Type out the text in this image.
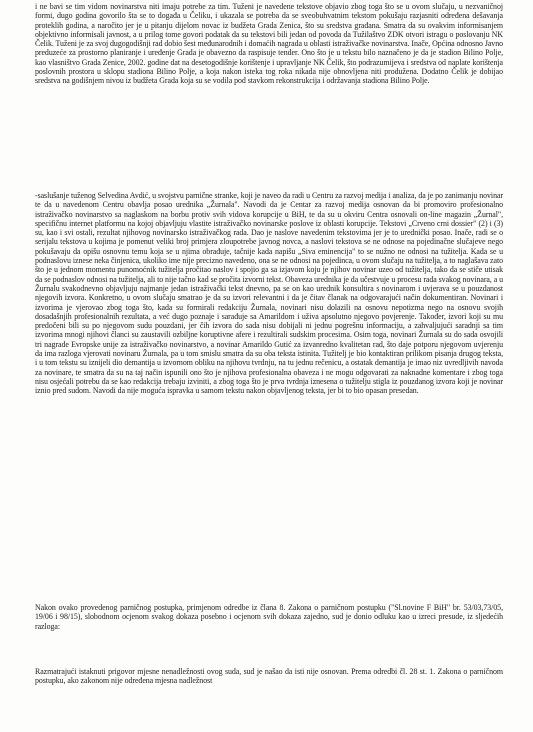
i ne bavi se tim vidom novinarstva niti imaju potrebe za tim. Tuženi je navedene tekstove objavio zbog toga što se u ovom slučaju, u nezvaničnoj formi, dugo godina govorilo šta se to događa u Čeliku, i ukazala se potreba da se sveobuhvatnim tekstom pokušaju razjasniti određena dešavanja proteklih godina, a naročito jer je u pitanju dijelom novac iz budžeta Grada Zenica, što su sredstva građana. Smatra da su ovakvim informisanjem objektivno informisali javnost, a u prilog tome govori podatak da su tekstovi bili jedan od povoda da Tužilaštvo ZDK otvori istragu o poslovanju NK Čelik. Tuženi je za svoj dugogodišnji rad dobio šest međunarodnih i domaćih nagrada u oblasti istraživačke novinarstva. Inače, Općina odnosno Javno preduzeće za prostorno planiranje i uređenje Grada je obavezno da raspisuje tender. Ono što je u tekstu bilo naznačeno je da je stadion Bilino Polje, kao vlasništvo Grada Zenice, 2002. godine dat na desetogodišnje korištenje i upravljanje NK Čelik, što podrazumijeva i sredstva od naplate korištenja poslovnih prostora u sklopu stadiona Bilino Polje, a koja nakon isteka tog roka nikada nije obnovljena niti produžena. Dodatno Čelik je dobijao sredstva na godišnjem nivou iz budžeta Grada koja su se vodila pod stavkom rekonstrukcija i održavanja stadiona Bilino Polje.

-saslušanje tuženog Selvedina Avdić, u svojstvu parnične stranke, koji je naveo da radi u Centru za razvoj medija i analiza, da je po zanimanju novinar te da u navedenom Centru obavlja posao urednika „Žurnala". Navodi da je Centar za razvoj medija osnovan da bi promoviro profesionalno istraživačko novinarstvo sa naglaskom na borbu protiv svih vidova korupcije u BiH, te da su u okviru Centra osnovali on-line magazin „Žurnal", specifičnu internet platformu na kojoj objavljuju vlastite istraživačko novinarske poslove iz oblasti korupcije. Tekstovi „Crveno crni dossier" (2) i (3) su, kao i svi ostali, rezultat njihovog novinarsko istraživačkog rada. Dao je naslove navedenim tekstovima jer je to urednički posao. Inače, radi se o serijalu tekstova u kojima je pomenut veliki broj primjera zloupotrebe javnog novca, a naslovi tekstova se ne odnose na pojedinačne slučajeve nego pokušavaju da opišu osnovnu temu koja se u njima obrađuje, tačnije kada napišu „Siva eminencija" to se nužno ne odnosi na tužitelja. Kada se u podnaslovu iznese neka činjenica, ukoliko ime nije precizno navedeno, ona se ne odnosi na pojedinca, u ovom slučaju na tužitelja, a to naglašava zato što je u jednom momentu punomoćnik tužitelja pročitao naslov i spojio ga sa izjavom koju je njihov novinar uzeo od tužitelja, tako da se stiče utisak da se podnaslov odnosi na tužitelja, ali to nije tačno kad se pročita izvorni tekst. Obaveza urednika je da učestvuje u procesu rada svakog novinara, a u Žurnalu svakodnevno objavljuju najmanje jedan istraživački tekst dnevno, pa se on kao urednik konsultira s novinarom i uvjerava se u pouzdanost njegovih izvora. Konkretno, u ovom slučaju smatrao je da su izvori relevantni i da je čitav članak na odgovarajući način dokumentiran. Novinari i izvorima je vjerovao zbog toga što, kada su formirali redakciju Žurnala, novinari nisu dolazili na osnovu nepotizma nego na osnovu svojih dosadašnjih profesionalnih rezultata, a već dugo poznaje i sarađuje sa Amarildom i uživa apsolutno njegovo povjerenje. Također, izvori koji su mu predočeni bili su po njegovom sudu pouzdani, jer čih izvora do sada nisu dobijali ni jednu pogrešnu informaciju, a zahvaljujući saradnji sa tim izvorima mnogi njihovi članci su zaustavili ozbiljne koruptivne afere i rezultirali sudskim procesima. Osim toga, novinari Žurnala su do sada osvojili tri nagrade Evropske unije za istraživačko novinarstvo, a novinar Amarildo Gutić za izvanredno kvalitetan rad, što daje potporu njegovom uvjerenju da ima razloga vjerovati novinaru Žurnala, pa u tom smislu smatra da su oba teksta istinita. Tužitelj je bio kontaktiran prilikom pisanja drugog teksta, i u tom tekstu su iznijeli dio demantija u izvornom obliku na njihovu tvrdnju, na tu jednu rečenicu, a ostatak demantija je imao niz uvredljivih navoda za novinare, te smatra da su na taj način ispunili ono što je njihova profesionalna obaveza i ne mogu odgovarati za naknadne komentare i zbog toga nisu osjećali potrebu da se kao redakcija trebaju izviniti, a zbog toga što je prva tvrdnja iznesena o tužitelju stigla iz pouzdanog izvora koji je novinar iznio pred sudom. Navodi da nije moguća ispravka u samom tekstu nakon objavljenog teksta, jer bi to bio opasan presedan.

Nakon ovako provedenog parničnog postupka, primjenom odredbe iz člana 8. Zakona o parničnom postupku ("Sl.novine F BiH" br. 53/03,73/05, 19/06 i 98/15), slobodnom ocjenom svakog dokaza posebno i ocjenom svih dokaza zajedno, sud je donio odluku kao u izreci presude, iz sljedećih razloga:

Razmatrajući istaknuti prigovor mjesne nenadležnosti ovog suda, sud je našao da isti nije osnovan. Prema odredbi čl. 28 st. 1. Zakona o parničnom postupku, ako zakonom nije određena mjesna nadležnost
